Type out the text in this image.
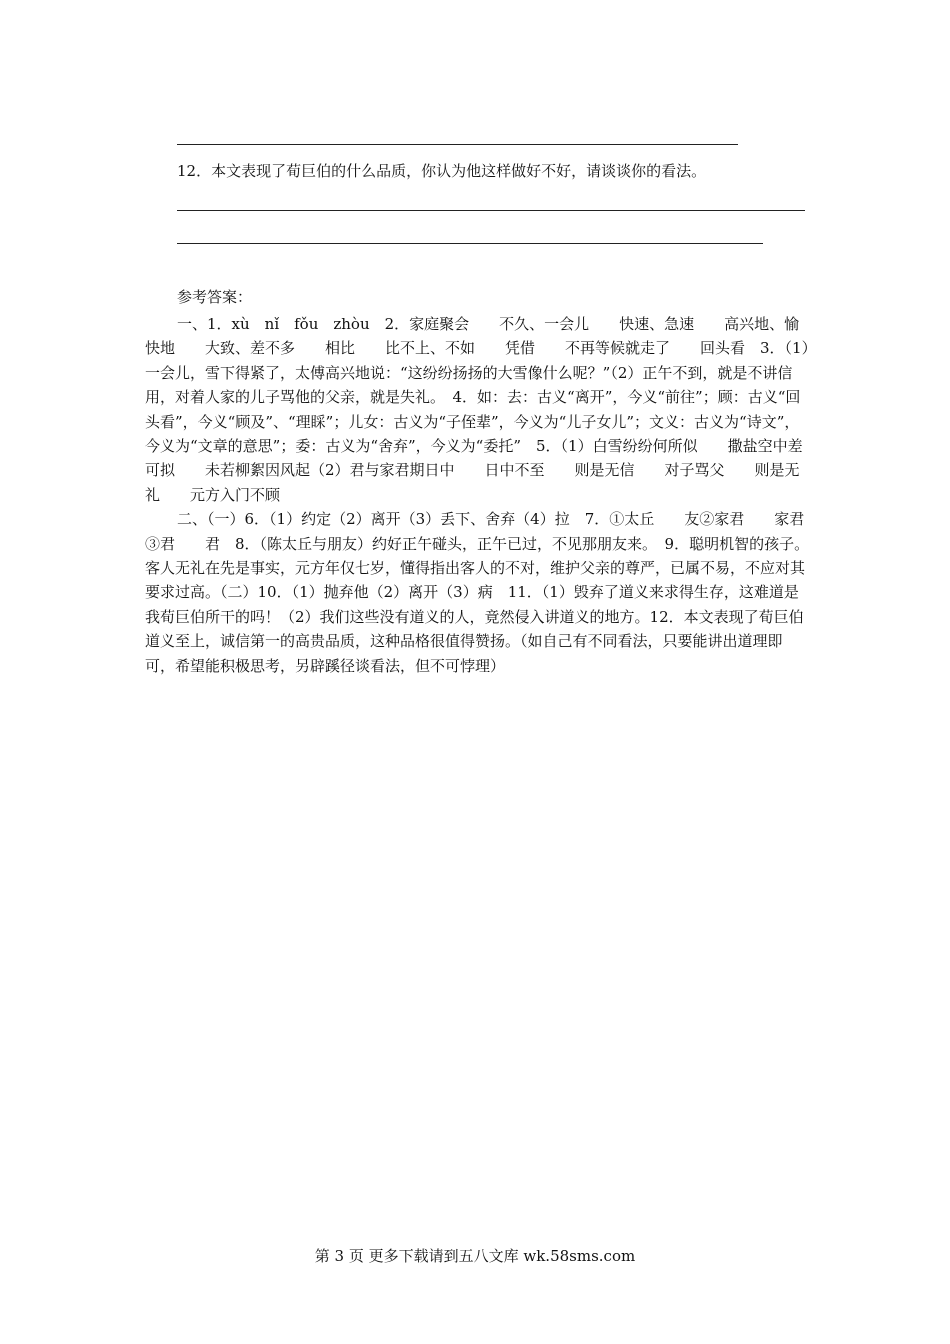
12．本文表现了荀巨伯的什么品质，你认为他这样做好不好，请谈谈你的看法。
参考答案：

一、1．xù　nǐ　fǒu　zhòu　2．家庭聚会　　不久、一会儿　　快速、急速　　高兴地、愉快地　　大致、差不多　　相比　　比不上、不如　　凭借　　不再等候就走了　　回头看　3．（1）一会儿，雪下得紧了，太傅高兴地说：“这纷纷扬扬的大雪像什么呢？”（2）正午不到，就是不讲信用，对着人家的儿子骂他的父亲，就是失礼。　4．如：去：古义“离开”，今义“前往”；顾：古义“回头看”，今义“顾及”、“理睬”；儿女：古义为“子侄辈”，今义为“儿子女儿”；文义：古义为“诗文”，今义为“文章的意思”；委：古义为“舍弃”，今义为“委托”　5．（1）白雪纷纷何所似　　撒盐空中差可拟　　未若柳絮因风起（2）君与家君期日中　　日中不至　　则是无信　　对子骂父　　则是无礼　　元方入门不顾

二、（一）6．（1）约定（2）离开（3）丢下、舍弃（4）拉　7．①太丘　　友②家君　　家君③君　　君　8．（陈太丘与朋友）约好正午碰头，正午已过，不见那朋友来。　9．聪明机智的孩子。客人无礼在先是事实，元方年仅七岁，懂得指出客人的不对，维护父亲的尊严，已属不易，不应对其要求过高。（二）10．（1）抛弃他（2）离开（3）病　11．（1）毁弃了道义来求得生存，这难道是我荀巨伯所干的吗！（2）我们这些没有道义的人，竟然侵入讲道义的地方。12．本文表现了荀巨伯道义至上，诚信第一的高贵品质，这种品格很值得赞扬。（如自己有不同看法，只要能讲出道理即可，希望能积极思考，另辟蹊径谈看法，但不可悖理）

第 3 页 更多下载请到五八文库 wk.58sms.com
